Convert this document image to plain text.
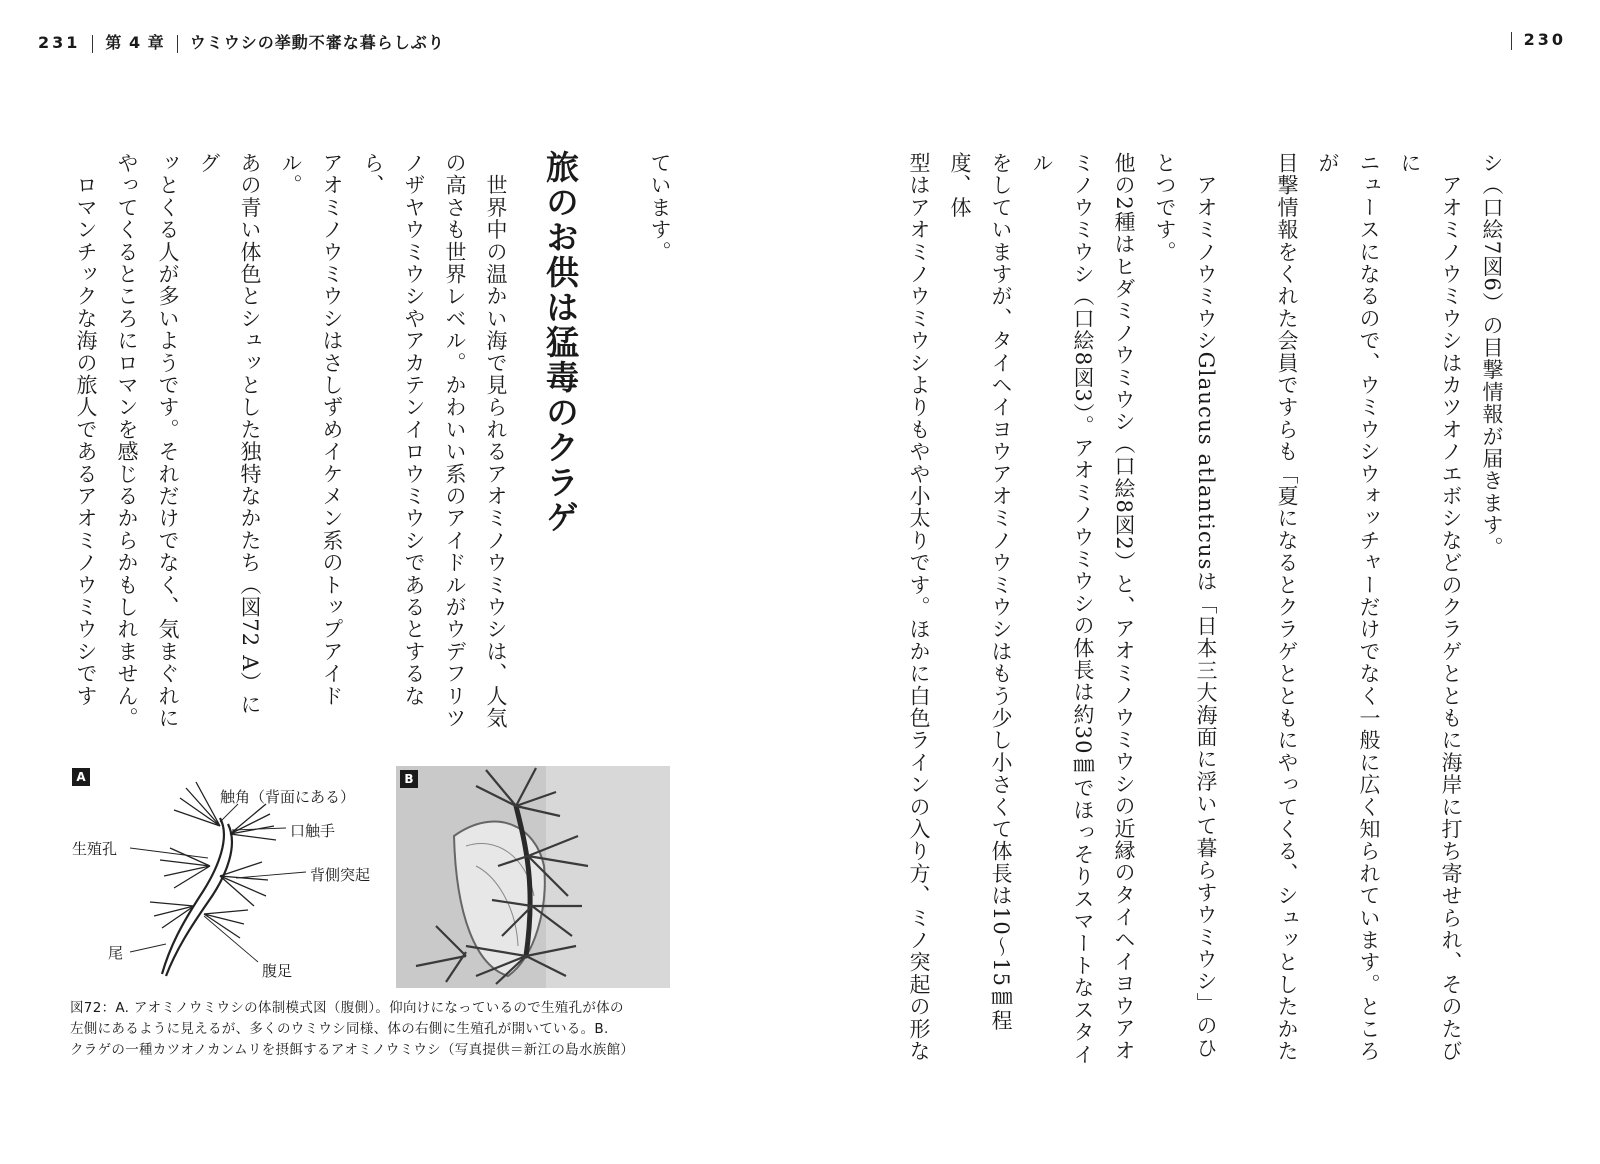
231 第 4 章 ウミウシの挙動不審な暮らしぶり	230
シ（口絵7図6）の目撃情報が届きます。
　アオミノウミウシはカツオノエボシなどのクラゲとともに海岸に打ち寄せられ、そのたびに
ニュースになるので、ウミウシウォッチャーだけでなく一般に広く知られています。ところが
目撃情報をくれた会員ですらも「夏になるとクラゲとともにやってくる、シュッとしたかた

　アオミノウミウシGlaucus atlanticusは「日本三大海面に浮いて暮らすウミウシ」のひとつです。
他の2種はヒダミノウミウシ（口絵8図2）と、アオミノウミウシの近縁のタイヘイヨウアオ
ミノウミウシ（口絵8図3）。アオミノウミウシの体長は約30㎜でほっそりスマートなスタイル
をしていますが、タイヘイヨウアオミノウミウシはもう少し小さくて体長は10～15㎜程度、体
型はアオミノウミウシよりもやや小太りです。ほかに白色ラインの入り方、ミノ突起の形な

ています。
旅のお供は猛毒のクラゲ
　世界中の温かい海で見られるアオミノウミウシは、人気
の高さも世界レベル。かわいい系のアイドルがウデフリツ
ノザヤウミウシやアカテンイロウミウシであるとするなら、
アオミノウミウシはさしずめイケメン系のトップアイドル。
あの青い体色とシュッとした独特なかたち（図72 A）にグ
ッとくる人が多いようです。それだけでなく、気まぐれに
やってくるところにロマンを感じるからかもしれません。
　ロマンチックな海の旅人であるアオミノウミウシです

A
触角（背面にある）
口触手
生殖孔
背側突起
尾
腹足
B
図72：A. アオミノウミウシの体制模式図（腹側）。仰向けになっているので生殖孔が体の
左側にあるように見えるが、多くのウミウシ同様、体の右側に生殖孔が開いている。B.
クラゲの一種カツオノカンムリを摂餌するアオミノウミウシ（写真提供＝新江の島水族館）
